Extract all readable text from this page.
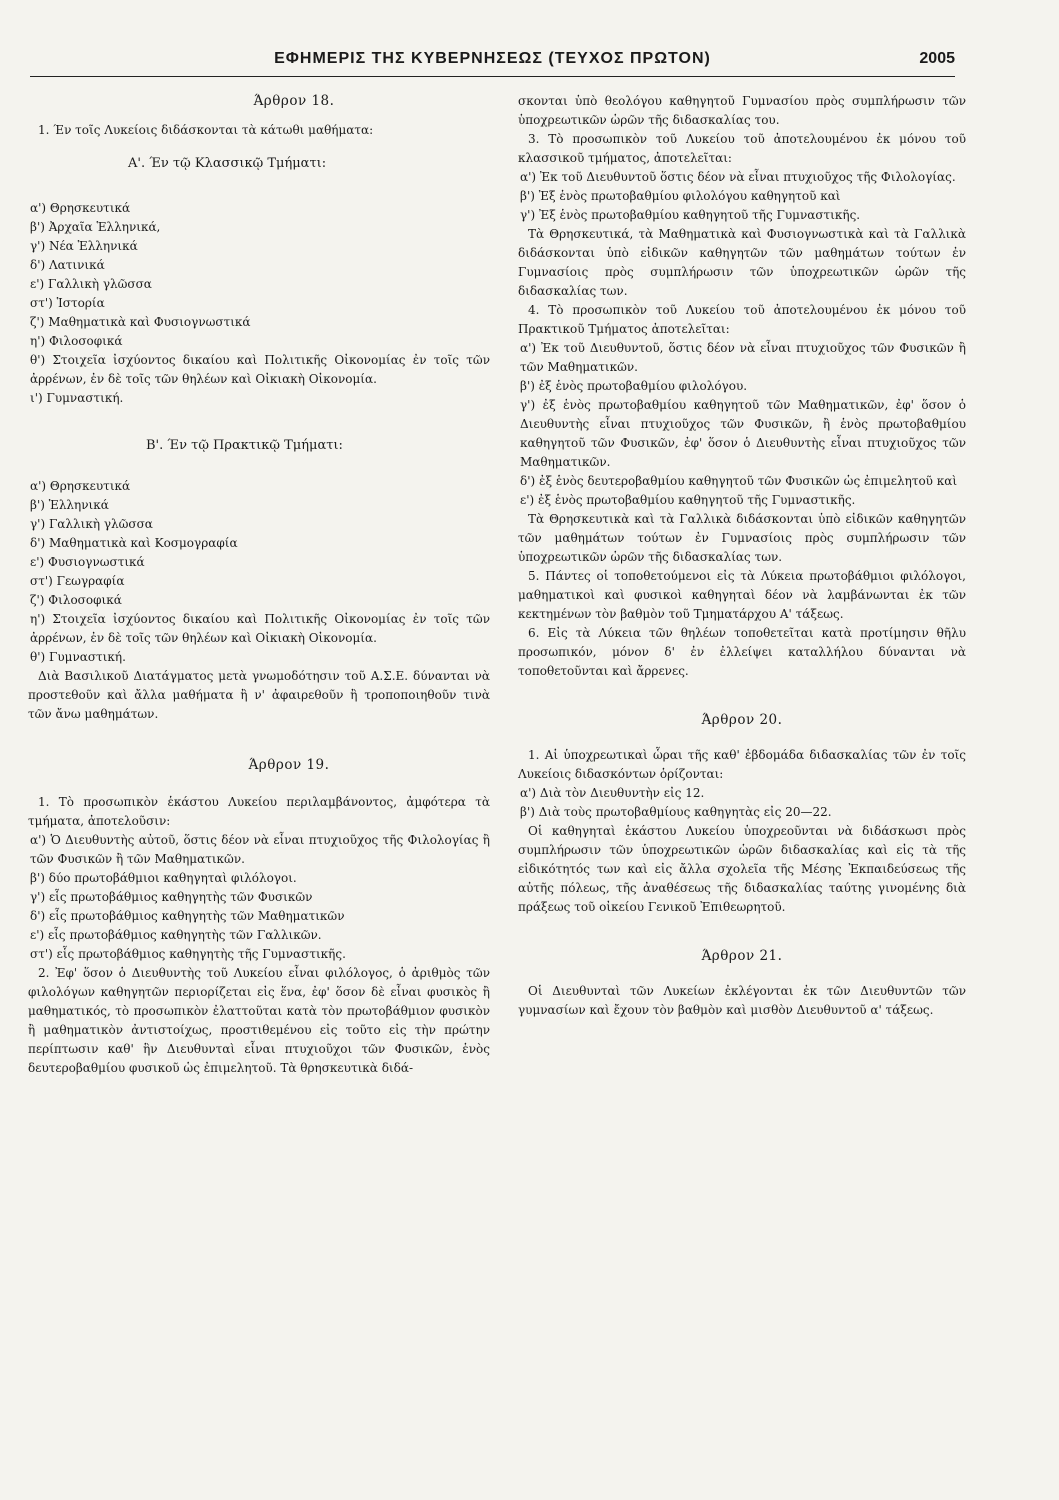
ΕΦΗΜΕΡΙΣ ΤΗΣ ΚΥΒΕΡΝΗΣΕΩΣ (ΤΕΥΧΟΣ ΠΡΩΤΟΝ)	2005

Άρθρον 18.

1. Έν τοῖς Λυκείοις διδάσκονται τὰ κάτωθι μαθήματα:

Α'. Έν τῷ Κλασσικῷ Τμήματι:

α') Θρησκευτικά

β') Ἀρχαῖα Ἑλληνικά,

γ') Νέα Ἑλληνικά

δ') Λατινικά

ε') Γαλλικὴ γλῶσσα

στ') Ἱστορία

ζ') Μαθηματικὰ καὶ Φυσιογνωστικά

η') Φιλοσοφικά

θ') Στοιχεῖα ἰσχύοντος δικαίου καὶ Πολιτικῆς Οἰκονομίας ἐν τοῖς τῶν ἀρρένων, ἐν δὲ τοῖς τῶν θηλέων καὶ Οἰκιακὴ Οἰκονομία.

ι') Γυμναστική.

Β'. Έν τῷ Πρακτικῷ Τμήματι:

α') Θρησκευτικά

β') Ἑλληνικά

γ') Γαλλικὴ γλῶσσα

δ') Μαθηματικὰ καὶ Κοσμογραφία

ε') Φυσιογνωστικά

στ') Γεωγραφία

ζ') Φιλοσοφικά

η') Στοιχεῖα ἰσχύοντος δικαίου καὶ Πολιτικῆς Οἰκονομίας ἐν τοῖς τῶν ἀρρένων, ἐν δὲ τοῖς τῶν θηλέων καὶ Οἰκιακὴ Οἰκονομία.

θ') Γυμναστική.

Διὰ Βασιλικοῦ Διατάγματος μετὰ γνωμοδότησιν τοῦ Α.Σ.Ε. δύνανται νὰ προστεθοῦν καὶ ἄλλα μαθήματα ἢ ν' ἀφαιρεθοῦν ἢ τροποποιηθοῦν τινὰ τῶν ἄνω μαθημάτων.

Άρθρον 19.

1. Τὸ προσωπικὸν ἑκάστου Λυκείου περιλαμβάνοντος, ἀμφότερα τὰ τμήματα, ἀποτελοῦσιν:

α') Ὁ Διευθυντὴς αὐτοῦ, ὅστις δέον νὰ εἶναι πτυχιοῦχος τῆς Φιλολογίας ἢ τῶν Φυσικῶν ἢ τῶν Μαθηματικῶν.

β') δύο πρωτοβάθμιοι καθηγηταὶ φιλόλογοι.

γ') εἷς πρωτοβάθμιος καθηγητὴς τῶν Φυσικῶν

δ') εἷς πρωτοβάθμιος καθηγητὴς τῶν Μαθηματικῶν

ε') εἷς πρωτοβάθμιος καθηγητὴς τῶν Γαλλικῶν.

στ') εἷς πρωτοβάθμιος καθηγητὴς τῆς Γυμναστικῆς.

2. Ἐφ' ὅσον ὁ Διευθυντὴς τοῦ Λυκείου εἶναι φιλόλογος, ὁ ἀριθμὸς τῶν φιλολόγων καθηγητῶν περιορίζεται εἰς ἕνα, ἐφ' ὅσον δὲ εἶναι φυσικὸς ἢ μαθηματικός, τὸ προσωπικὸν ἐλαττοῦται κατὰ τὸν πρωτοβάθμιον φυσικὸν ἢ μαθηματικὸν ἀντιστοίχως, προστιθεμένου εἰς τοῦτο εἰς τὴν πρώτην περίπτωσιν καθ' ἣν Διευθυνταὶ εἶναι πτυχιοῦχοι τῶν Φυσικῶν, ἑνὸς δευτεροβαθμίου φυσικοῦ ὡς ἐπιμελητοῦ. Τὰ θρησκευτικὰ διδά-

σκονται ὑπὸ θεολόγου καθηγητοῦ Γυμνασίου πρὸς συμπλήρωσιν τῶν ὑποχρεωτικῶν ὡρῶν τῆς διδασκαλίας του.

3. Τὸ προσωπικὸν τοῦ Λυκείου τοῦ ἀποτελουμένου ἐκ μόνου τοῦ κλασσικοῦ τμήματος, ἀποτελεῖται:

α') Ἐκ τοῦ Διευθυντοῦ ὅστις δέον νὰ εἶναι πτυχιοῦχος τῆς Φιλολογίας.

β') Ἐξ ἑνὸς πρωτοβαθμίου φιλολόγου καθηγητοῦ καὶ

γ') Ἐξ ἑνὸς πρωτοβαθμίου καθηγητοῦ τῆς Γυμναστικῆς.

Τὰ Θρησκευτικά, τὰ Μαθηματικὰ καὶ Φυσιογνωστικὰ καὶ τὰ Γαλλικὰ διδάσκονται ὑπὸ εἰδικῶν καθηγητῶν τῶν μαθημάτων τούτων ἐν Γυμνασίοις πρὸς συμπλήρωσιν τῶν ὑποχρεωτικῶν ὡρῶν τῆς διδασκαλίας των.

4. Τὸ προσωπικὸν τοῦ Λυκείου τοῦ ἀποτελουμένου ἐκ μόνου τοῦ Πρακτικοῦ Τμήματος ἀποτελεῖται:

α') Ἐκ τοῦ Διευθυντοῦ, ὅστις δέον νὰ εἶναι πτυχιοῦχος τῶν Φυσικῶν ἢ τῶν Μαθηματικῶν.

β') ἐξ ἑνὸς πρωτοβαθμίου φιλολόγου.

γ') ἐξ ἑνὸς πρωτοβαθμίου καθηγητοῦ τῶν Μαθηματικῶν, ἐφ' ὅσον ὁ Διευθυντὴς εἶναι πτυχιοῦχος τῶν Φυσικῶν, ἢ ἑνὸς πρωτοβαθμίου καθηγητοῦ τῶν Φυσικῶν, ἐφ' ὅσον ὁ Διευθυντὴς εἶναι πτυχιοῦχος τῶν Μαθηματικῶν.

δ') ἐξ ἑνὸς δευτεροβαθμίου καθηγητοῦ τῶν Φυσικῶν ὡς ἐπιμελητοῦ καὶ

ε') ἐξ ἑνὸς πρωτοβαθμίου καθηγητοῦ τῆς Γυμναστικῆς.

Τὰ Θρησκευτικὰ καὶ τὰ Γαλλικὰ διδάσκονται ὑπὸ εἰδικῶν καθηγητῶν τῶν μαθημάτων τούτων ἐν Γυμνασίοις πρὸς συμπλήρωσιν τῶν ὑποχρεωτικῶν ὡρῶν τῆς διδασκαλίας των.

5. Πάντες οἱ τοποθετούμενοι εἰς τὰ Λύκεια πρωτοβάθμιοι φιλόλογοι, μαθηματικοὶ καὶ φυσικοὶ καθηγηταὶ δέον νὰ λαμβάνωνται ἐκ τῶν κεκτημένων τὸν βαθμὸν τοῦ Τμηματάρχου Α' τάξεως.

6. Εἰς τὰ Λύκεια τῶν θηλέων τοποθετεῖται κατὰ προτίμησιν θῆλυ προσωπικόν, μόνον δ' ἐν ἐλλείψει καταλλήλου δύνανται νὰ τοποθετοῦνται καὶ ἄρρενες.

Άρθρον 20.

1. Αἱ ὑποχρεωτικαὶ ὧραι τῆς καθ' ἑβδομάδα διδασκαλίας τῶν ἐν τοῖς Λυκείοις διδασκόντων ὁρίζονται:

α') Διὰ τὸν Διευθυντὴν εἰς 12.

β') Διὰ τοὺς πρωτοβαθμίους καθηγητὰς εἰς 20—22.

Οἱ καθηγηταὶ ἑκάστου Λυκείου ὑποχρεοῦνται νὰ διδάσκωσι πρὸς συμπλήρωσιν τῶν ὑποχρεωτικῶν ὡρῶν διδασκαλίας καὶ εἰς τὰ τῆς εἰδικότητός των καὶ εἰς ἄλλα σχολεῖα τῆς Μέσης Ἐκπαιδεύσεως τῆς αὐτῆς πόλεως, τῆς ἀναθέσεως τῆς διδασκαλίας ταύτης γινομένης διὰ πράξεως τοῦ οἰκείου Γενικοῦ Ἐπιθεωρητοῦ.

Άρθρον 21.

Οἱ Διευθυνταὶ τῶν Λυκείων ἐκλέγονται ἐκ τῶν Διευθυντῶν τῶν γυμνασίων καὶ ἔχουν τὸν βαθμὸν καὶ μισθὸν Διευθυντοῦ α' τάξεως.
